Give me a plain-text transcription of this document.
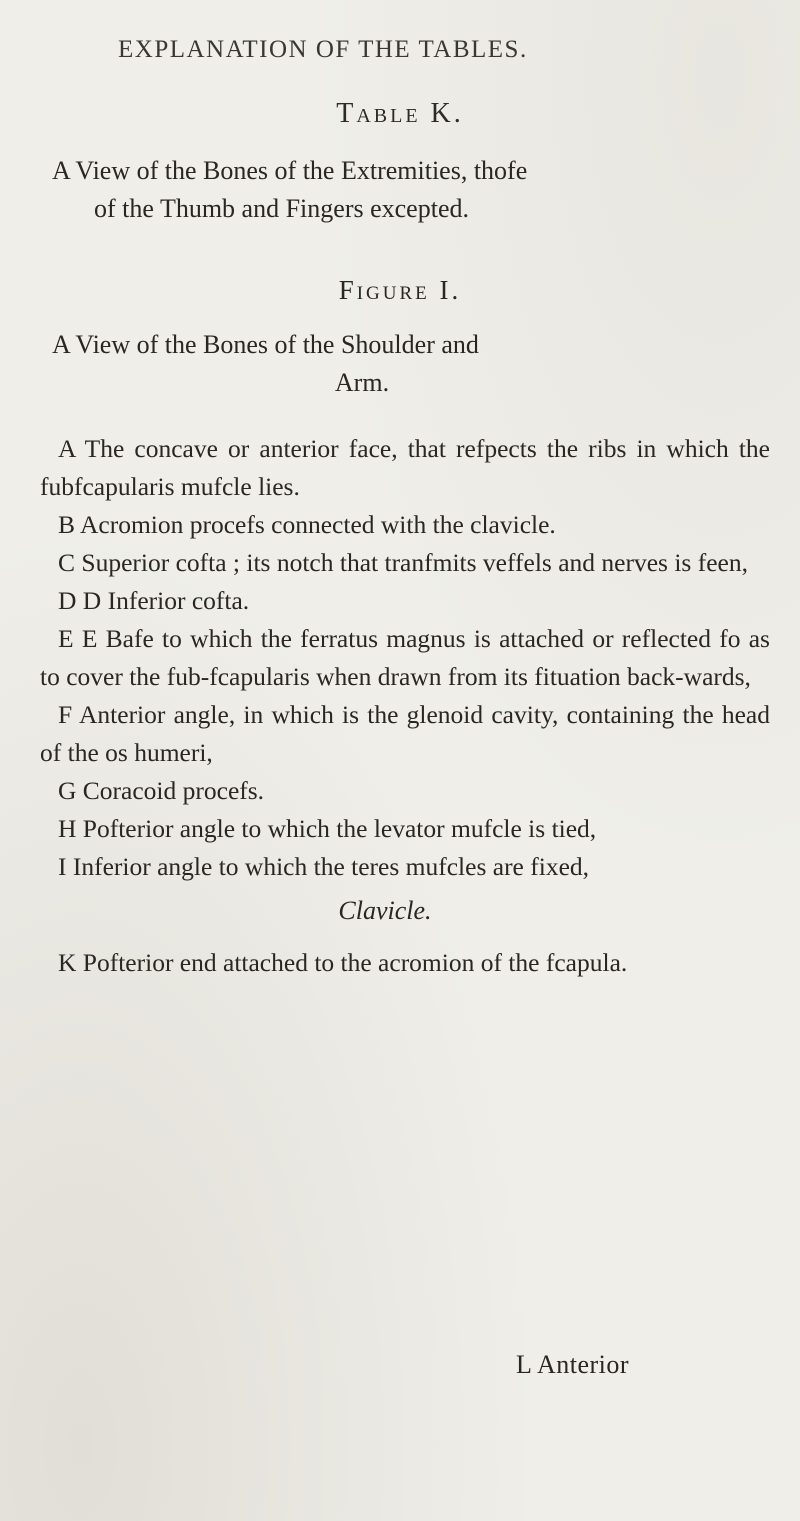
EXPLANATION OF THE TABLES.
Table K.
A View of the Bones of the Extremities, thofe
of the Thumb and Fingers excepted.
Figure I.
A View of the Bones of the Shoulder and
Arm.

A The concave or anterior face, that refpects the ribs in which the fubfcapularis mufcle lies.

B Acromion procefs connected with the clavicle.

C Superior cofta ; its notch that tranfmits veffels and nerves is feen,

D D Inferior cofta.

E E Bafe to which the ferratus magnus is attached or reflected fo as to cover the fub-fcapularis when drawn from its fituation back-wards,

F Anterior angle, in which is the glenoid cavity, containing the head of the os humeri,

G Coracoid procefs.

H Pofterior angle to which the levator mufcle is tied,

I Inferior angle to which the teres mufcles are fixed,

Clavicle.

K Pofterior end attached to the acromion of the fcapula.

L Anterior
